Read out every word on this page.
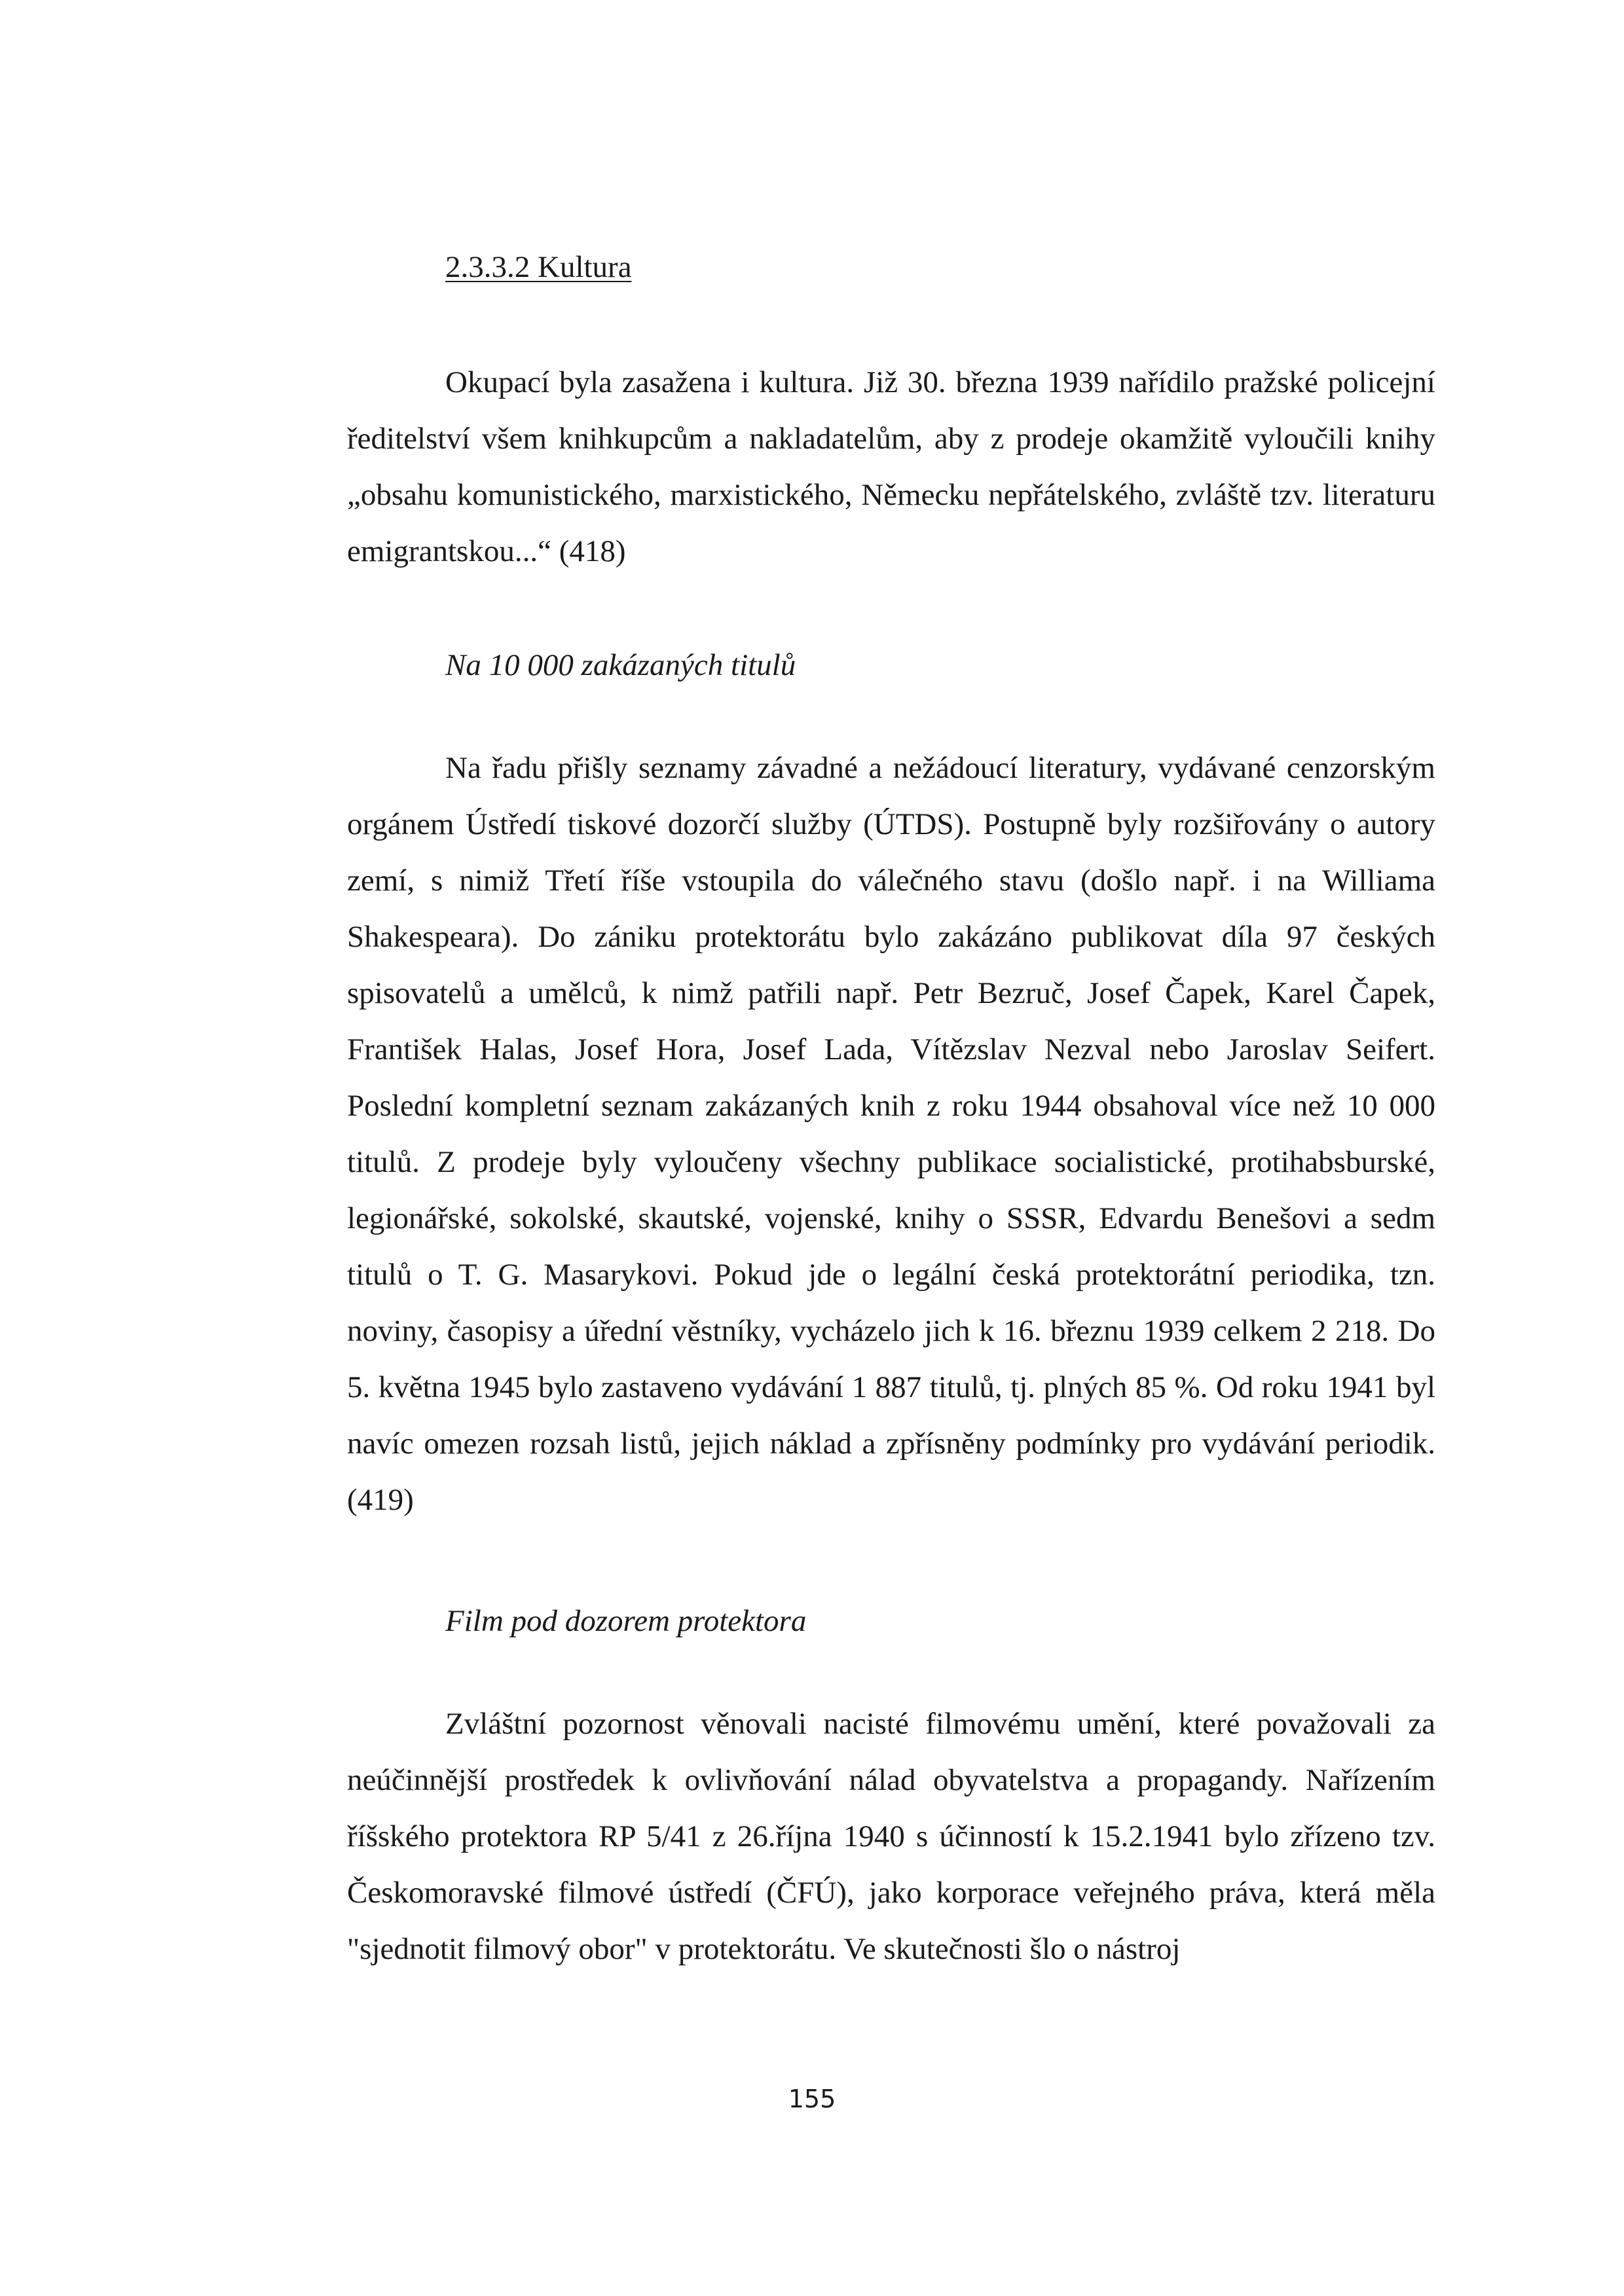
2.3.3.2 Kultura

Okupací byla zasažena i kultura. Již 30. března 1939 nařídilo pražské policejní ředitelství všem knihkupcům a nakladatelům, aby z prodeje okamžitě vyloučili knihy „obsahu komunistického, marxistického, Německu nepřátelského, zvláště tzv. literaturu emigrantskou...“ (418)

Na 10 000 zakázaných titulů

Na řadu přišly seznamy závadné a nežádoucí literatury, vydávané cenzorským orgánem Ústředí tiskové dozorčí služby (ÚTDS). Postupně byly rozšiřovány o autory zemí, s nimiž Třetí říše vstoupila do válečného stavu (došlo např. i na Williama Shakespeara). Do zániku protektorátu bylo zakázáno publikovat díla 97 českých spisovatelů a umělců, k nimž patřili např. Petr Bezruč, Josef Čapek, Karel Čapek, František Halas, Josef Hora, Josef Lada, Vítězslav Nezval nebo Jaroslav Seifert. Poslední kompletní seznam zakázaných knih z roku 1944 obsahoval více než 10 000 titulů. Z prodeje byly vyloučeny všechny publikace socialistické, protihabsburské, legionářské, sokolské, skautské, vojenské, knihy o SSSR, Edvardu Benešovi a sedm titulů o T. G. Masarykovi. Pokud jde o legální česká protektorátní periodika, tzn. noviny, časopisy a úřední věstníky, vycházelo jich k 16. březnu 1939 celkem 2 218. Do 5. května 1945 bylo zastaveno vydávání 1 887 titulů, tj. plných 85 %. Od roku 1941 byl navíc omezen rozsah listů, jejich náklad a zpřísněny podmínky pro vydávání periodik. (419)

Film pod dozorem protektora

Zvláštní pozornost věnovali nacisté filmovému umění, které považovali za neúčinnější prostředek k ovlivňování nálad obyvatelstva a propagandy. Nařízením říšského protektora RP 5/41 z 26.října 1940 s účinností k 15.2.1941 bylo zřízeno tzv. Českomoravské filmové ústředí (ČFÚ), jako korporace veřejného práva, která měla "sjednotit filmový obor" v protektorátu. Ve skutečnosti šlo o nástroj

155
